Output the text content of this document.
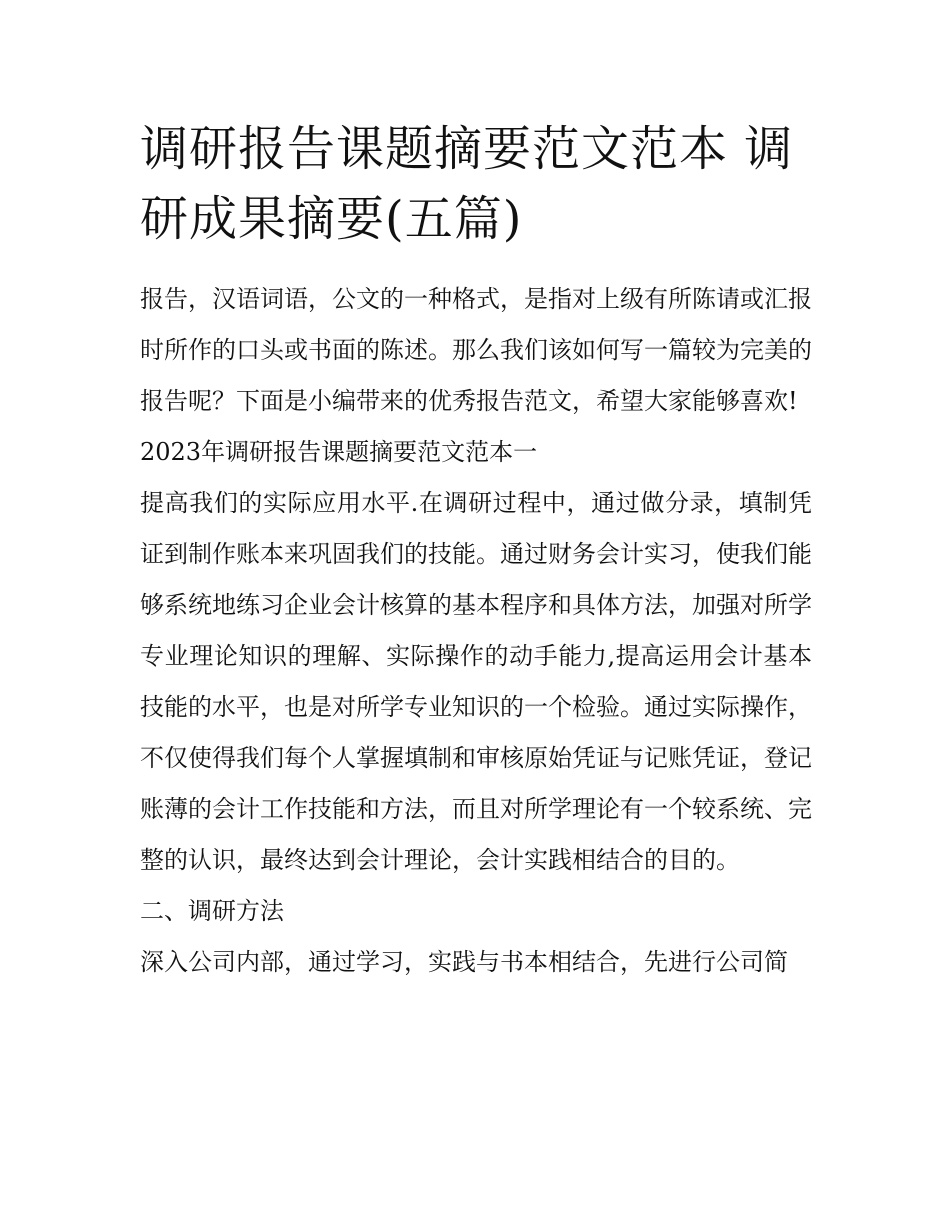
调研报告课题摘要范文范本 调研成果摘要(五篇)

报告，汉语词语，公文的一种格式，是指对上级有所陈请或汇报时所作的口头或书面的陈述。那么我们该如何写一篇较为完美的报告呢？下面是小编带来的优秀报告范文，希望大家能够喜欢!

2023年调研报告课题摘要范文范本一

提高我们的实际应用水平.在调研过程中，通过做分录，填制凭证到制作账本来巩固我们的技能。通过财务会计实习，使我们能够系统地练习企业会计核算的基本程序和具体方法，加强对所学专业理论知识的理解、实际操作的动手能力,提高运用会计基本技能的水平，也是对所学专业知识的一个检验。通过实际操作，不仅使得我们每个人掌握填制和审核原始凭证与记账凭证，登记账薄的会计工作技能和方法，而且对所学理论有一个较系统、完整的认识，最终达到会计理论，会计实践相结合的目的。

二、调研方法

深入公司内部，通过学习，实践与书本相结合，先进行公司简
